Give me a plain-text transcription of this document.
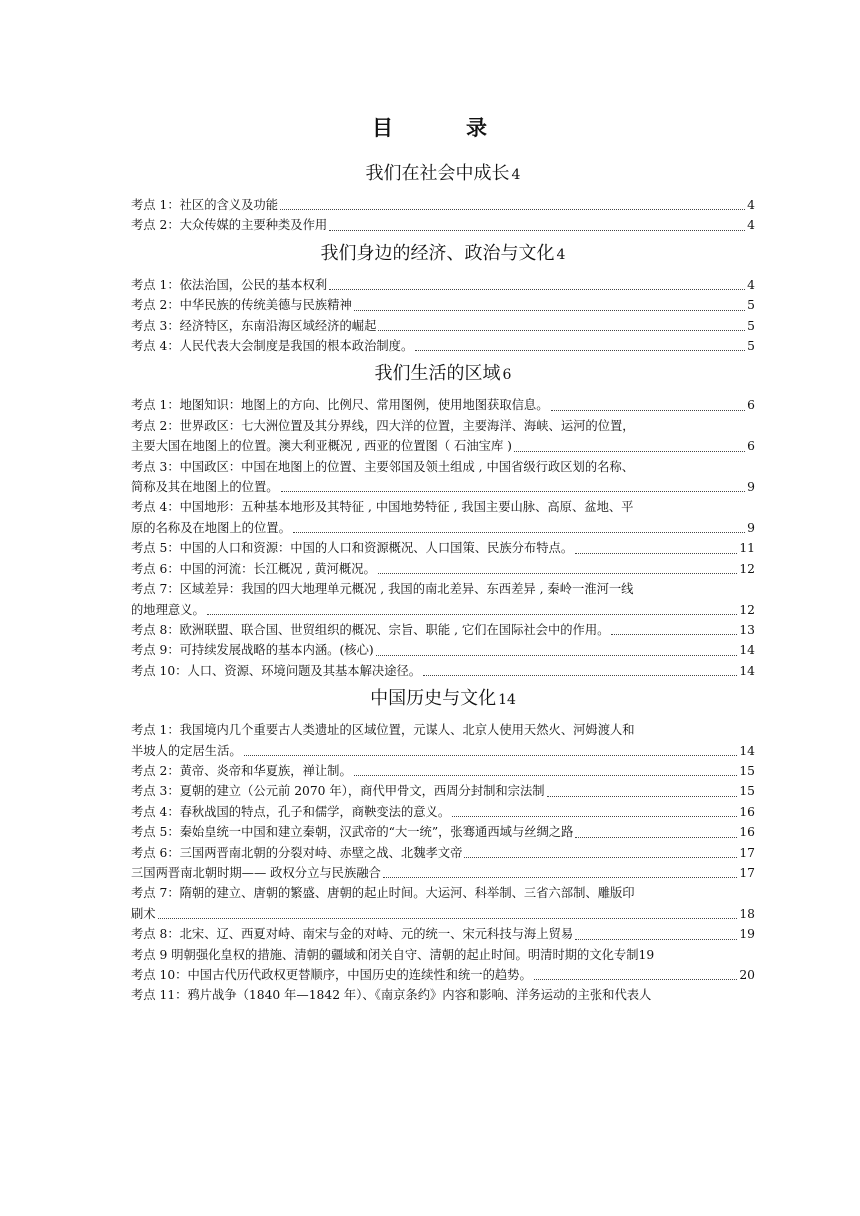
目	录
我们在社会中成长 4
考点 1：社区的含义及功能	4
考点 2：大众传媒的主要种类及作用	4
我们身边的经济、政治与文化 4
考点 1：依法治国，公民的基本权利	4
考点 2：中华民族的传统美德与民族精神	5
考点 3：经济特区，东南沿海区域经济的崛起	5
考点 4：人民代表大会制度是我国的根本政治制度。	5
我们生活的区域 6
考点 1：地图知识：地图上的方向、比例尺、常用图例，使用地图获取信息。	6
考点 2：世界政区：七大洲位置及其分界线，四大洋的位置，主要海洋、海峡、运河的位置，
主要大国在地图上的位置。澳大利亚概况 , 西亚的位置图（ 石油宝库 )	6
考点 3：中国政区：中国在地图上的位置、主要邻国及领土组成 , 中国省级行政区划的名称、
简称及其在地图上的位置。	9
考点 4：中国地形：五种基本地形及其特征 , 中国地势特征 , 我国主要山脉、高原、盆地、平
原的名称及在地图上的位置。	9
考点 5：中国的人口和资源：中国的人口和资源概况、人口国策、民族分布特点。	11
考点 6：中国的河流：长江概况 , 黄河概况。	12
考点 7：区域差异：我国的四大地理单元概况 , 我国的南北差异、东西差异 , 秦岭一淮河一线
的地理意义。	12
考点 8：欧洲联盟、联合国、世贸组织的概况、宗旨、职能 , 它们在国际社会中的作用。	13
考点 9：可持续发展战略的基本内涵。(核心)	14
考点 10：人口、资源、环境问题及其基本解决途径。	14
中国历史与文化 14
考点 1：我国境内几个重要古人类遗址的区域位置，元谋人、北京人使用天然火、河姆渡人和
半坡人的定居生活。	14
考点 2：黄帝、炎帝和华夏族，禅让制。	15
考点 3：夏朝的建立（公元前 2070 年），商代甲骨文，西周分封制和宗法制	15
考点 4：春秋战国的特点，孔子和儒学，商鞅变法的意义。	16
考点 5：秦始皇统一中国和建立秦朝，汉武帝的“大一统”，张骞通西域与丝绸之路	16
考点 6：三国两晋南北朝的分裂对峙、赤壁之战、北魏孝文帝	17
三国两晋南北朝时期—— 政权分立与民族融合	17
考点 7：隋朝的建立、唐朝的繁盛、唐朝的起止时间。大运河、科举制、三省六部制、雕版印
刷术	18
考点 8：北宋、辽、西夏对峙、南宋与金的对峙、元的统一、宋元科技与海上贸易	19
考点 9 明朝强化皇权的措施、清朝的疆域和闭关自守、清朝的起止时间。明清时期的文化专制 19
考点 10：中国古代历代政权更替顺序，中国历史的连续性和统一的趋势。	20
考点 11：鸦片战争（1840 年—1842 年）、《南京条约》内容和影响、洋务运动的主张和代表人
